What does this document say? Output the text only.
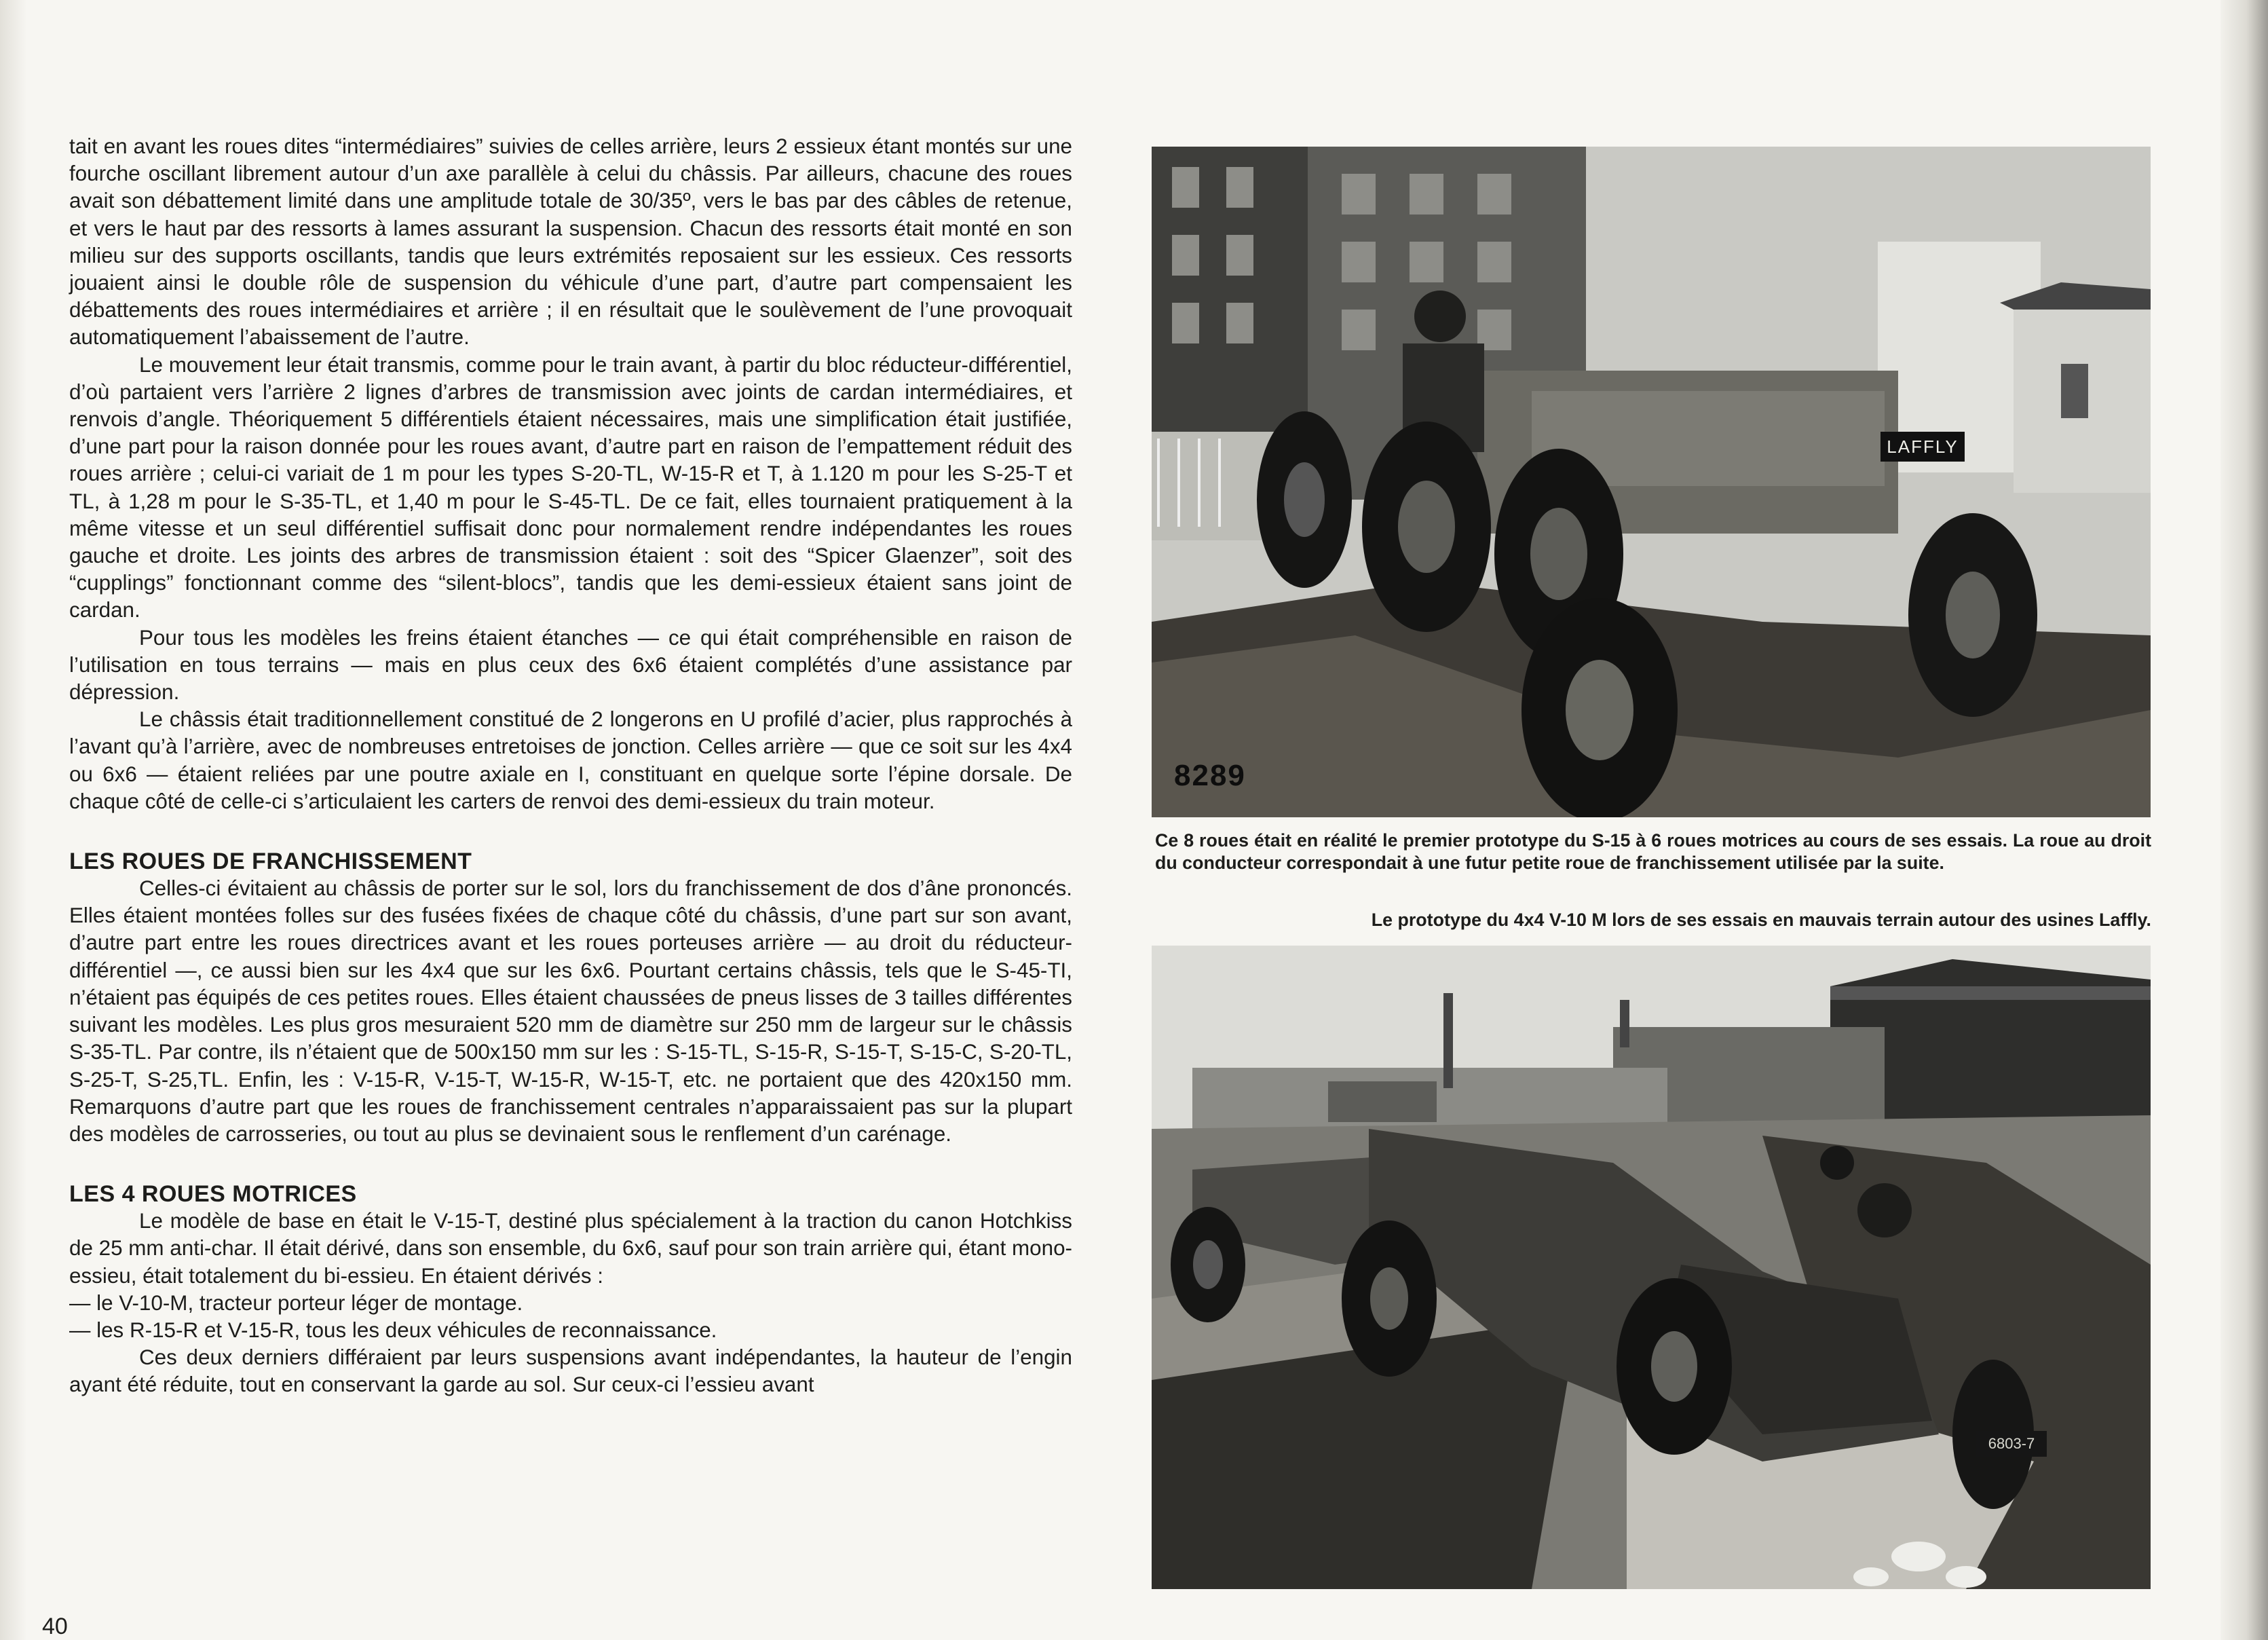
tait en avant les roues dites “intermédiaires” suivies de celles arrière, leurs 2 essieux étant montés sur une fourche oscillant librement autour d’un axe parallèle à celui du châssis. Par ailleurs, chacune des roues avait son débattement limité dans une amplitude totale de 30/35º, vers le bas par des câbles de retenue, et vers le haut par des ressorts à lames assurant la suspension. Chacun des ressorts était monté en son milieu sur des supports oscillants, tandis que leurs extrémités reposaient sur les essieux. Ces ressorts jouaient ainsi le double rôle de suspension du véhicule d’une part, d’autre part compensaient les débattements des roues intermédiaires et arrière ; il en résultait que le soulèvement de l’une provoquait automatiquement l’abaissement de l’autre.

Le mouvement leur était transmis, comme pour le train avant, à partir du bloc réducteur-différentiel, d’où partaient vers l’arrière 2 lignes d’arbres de transmission avec joints de cardan intermédiaires, et renvois d’angle. Théoriquement 5 différentiels étaient nécessaires, mais une simplification était justifiée, d’une part pour la raison donnée pour les roues avant, d’autre part en raison de l’empattement réduit des roues arrière ; celui-ci variait de 1 m pour les types S-20-TL, W-15-R et T, à 1.120 m pour les S-25-T et TL, à 1,28 m pour le S-35-TL, et 1,40 m pour le S-45-TL. De ce fait, elles tournaient pratiquement à la même vitesse et un seul différentiel suffisait donc pour normalement rendre indépendantes les roues gauche et droite. Les joints des arbres de transmission étaient : soit des “Spicer Glaenzer”, soit des “cupplings” fonctionnant comme des “silent-blocs”, tandis que les demi-essieux étaient sans joint de cardan.

Pour tous les modèles les freins étaient étanches — ce qui était compréhensible en raison de l’utilisation en tous terrains — mais en plus ceux des 6x6 étaient complétés d’une assistance par dépression.

Le châssis était traditionnellement constitué de 2 longerons en U profilé d’acier, plus rapprochés à l’avant qu’à l’arrière, avec de nombreuses entretoises de jonction. Celles arrière — que ce soit sur les 4x4 ou 6x6 — étaient reliées par une poutre axiale en I, constituant en quelque sorte l’épine dorsale. De chaque côté de celle-ci s’articulaient les carters de renvoi des demi-essieux du train moteur.

LES ROUES DE FRANCHISSEMENT

Celles-ci évitaient au châssis de porter sur le sol, lors du franchissement de dos d’âne prononcés. Elles étaient montées folles sur des fusées fixées de chaque côté du châssis, d’une part sur son avant, d’autre part entre les roues directrices avant et les roues porteuses arrière — au droit du réducteur-différentiel —, ce aussi bien sur les 4x4 que sur les 6x6. Pourtant certains châssis, tels que le S-45-TI, n’étaient pas équipés de ces petites roues. Elles étaient chaussées de pneus lisses de 3 tailles différentes suivant les modèles. Les plus gros mesuraient 520 mm de diamètre sur 250 mm de largeur sur le châssis S-35-TL. Par contre, ils n’étaient que de 500x150 mm sur les : S-15-TL, S-15-R, S-15-T, S-15-C, S-20-TL, S-25-T, S-25,TL. Enfin, les : V-15-R, V-15-T, W-15-R, W-15-T, etc. ne portaient que des 420x150 mm. Remarquons d’autre part que les roues de franchissement centrales n’apparaissaient pas sur la plupart des modèles de carrosseries, ou tout au plus se devinaient sous le renflement d’un carénage.

LES 4 ROUES MOTRICES

Le modèle de base en était le V-15-T, destiné plus spécialement à la traction du canon Hotchkiss de 25 mm anti-char. Il était dérivé, dans son ensemble, du 6x6, sauf pour son train arrière qui, étant mono-essieu, était totalement du bi-essieu. En étaient dérivés :

— le V-10-M, tracteur porteur léger de montage.

— les R-15-R et V-15-R, tous les deux véhicules de reconnaissance.

Ces deux derniers différaient par leurs suspensions avant indépendantes, la hauteur de l’engin ayant été réduite, tout en conservant la garde au sol. Sur ceux-ci l’essieu avant

40
LAFFLY
8289

Ce 8 roues était en réalité le premier prototype du S-15 à 6 roues motrices au cours de ses essais. La roue au droit du conducteur correspondait à une futur petite roue de franchissement utilisée par la suite.

Le prototype du 4x4 V-10 M lors de ses essais en mauvais terrain autour des usines Laffly.

6803-7
